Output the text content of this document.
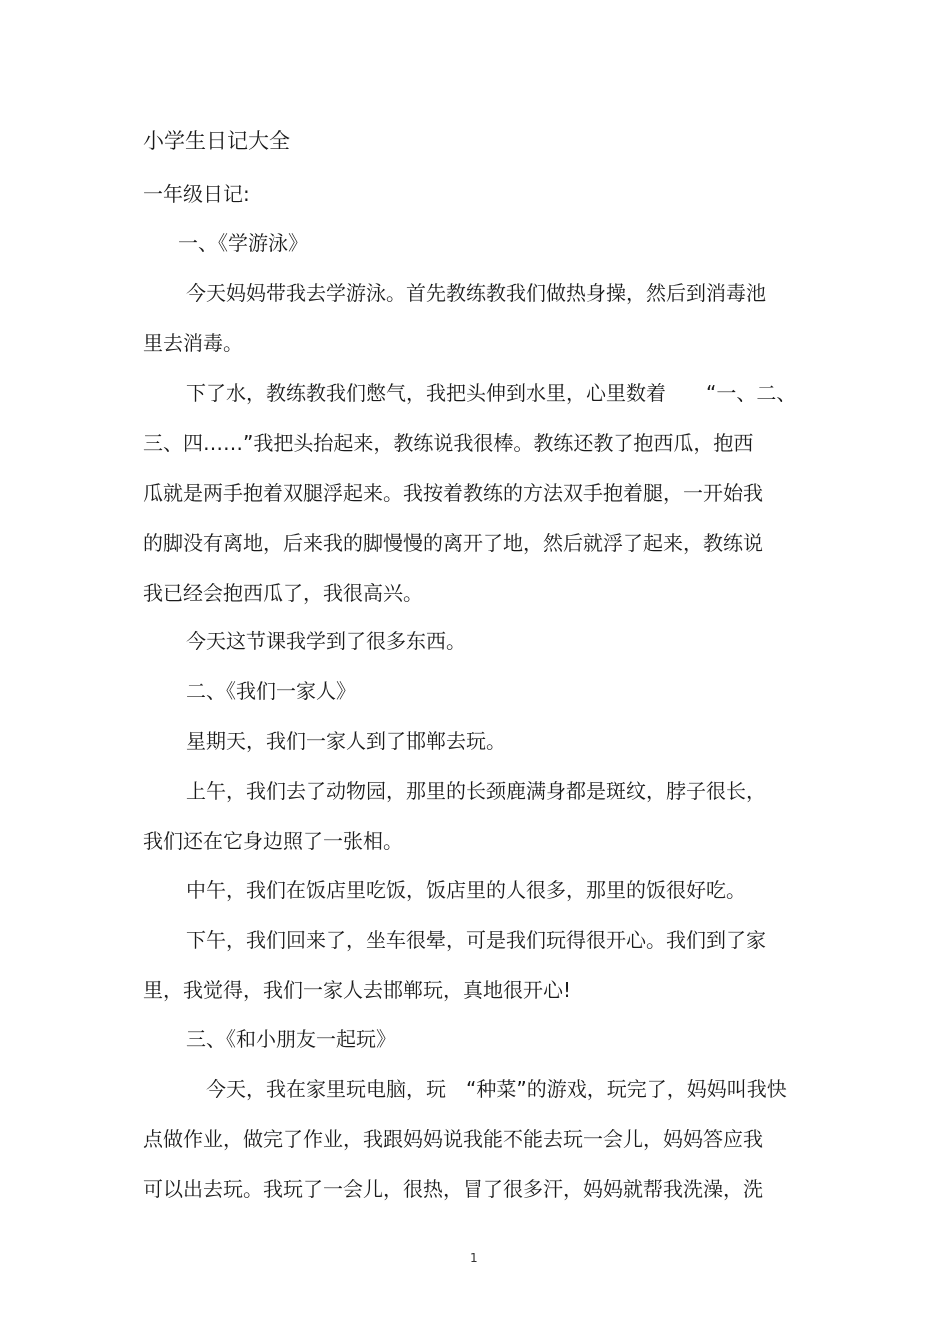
小学生日记大全

一年级日记:

一、《学游泳》

今天妈妈带我去学游泳。首先教练教我们做热身操，然后到消毒池

里去消毒。

下了水，教练教我们憋气，我把头伸到水里，心里数着　　“一、二、

三、四……”我把头抬起来，教练说我很棒。教练还教了抱西瓜，抱西

瓜就是两手抱着双腿浮起来。我按着教练的方法双手抱着腿，一开始我

的脚没有离地，后来我的脚慢慢的离开了地，然后就浮了起来，教练说

我已经会抱西瓜了，我很高兴。

今天这节课我学到了很多东西。

二、《我们一家人》

星期天，我们一家人到了邯郸去玩。

上午，我们去了动物园，那里的长颈鹿满身都是斑纹，脖子很长，

我们还在它身边照了一张相。

中午，我们在饭店里吃饭，饭店里的人很多，那里的饭很好吃。

下午，我们回来了，坐车很晕，可是我们玩得很开心。我们到了家

里，我觉得，我们一家人去邯郸玩，真地很开心!

三、《和小朋友一起玩》

今天，我在家里玩电脑，玩　“种菜”的游戏，玩完了，妈妈叫我快

点做作业，做完了作业，我跟妈妈说我能不能去玩一会儿，妈妈答应我

可以出去玩。我玩了一会儿，很热，冒了很多汗，妈妈就帮我洗澡，洗

1
